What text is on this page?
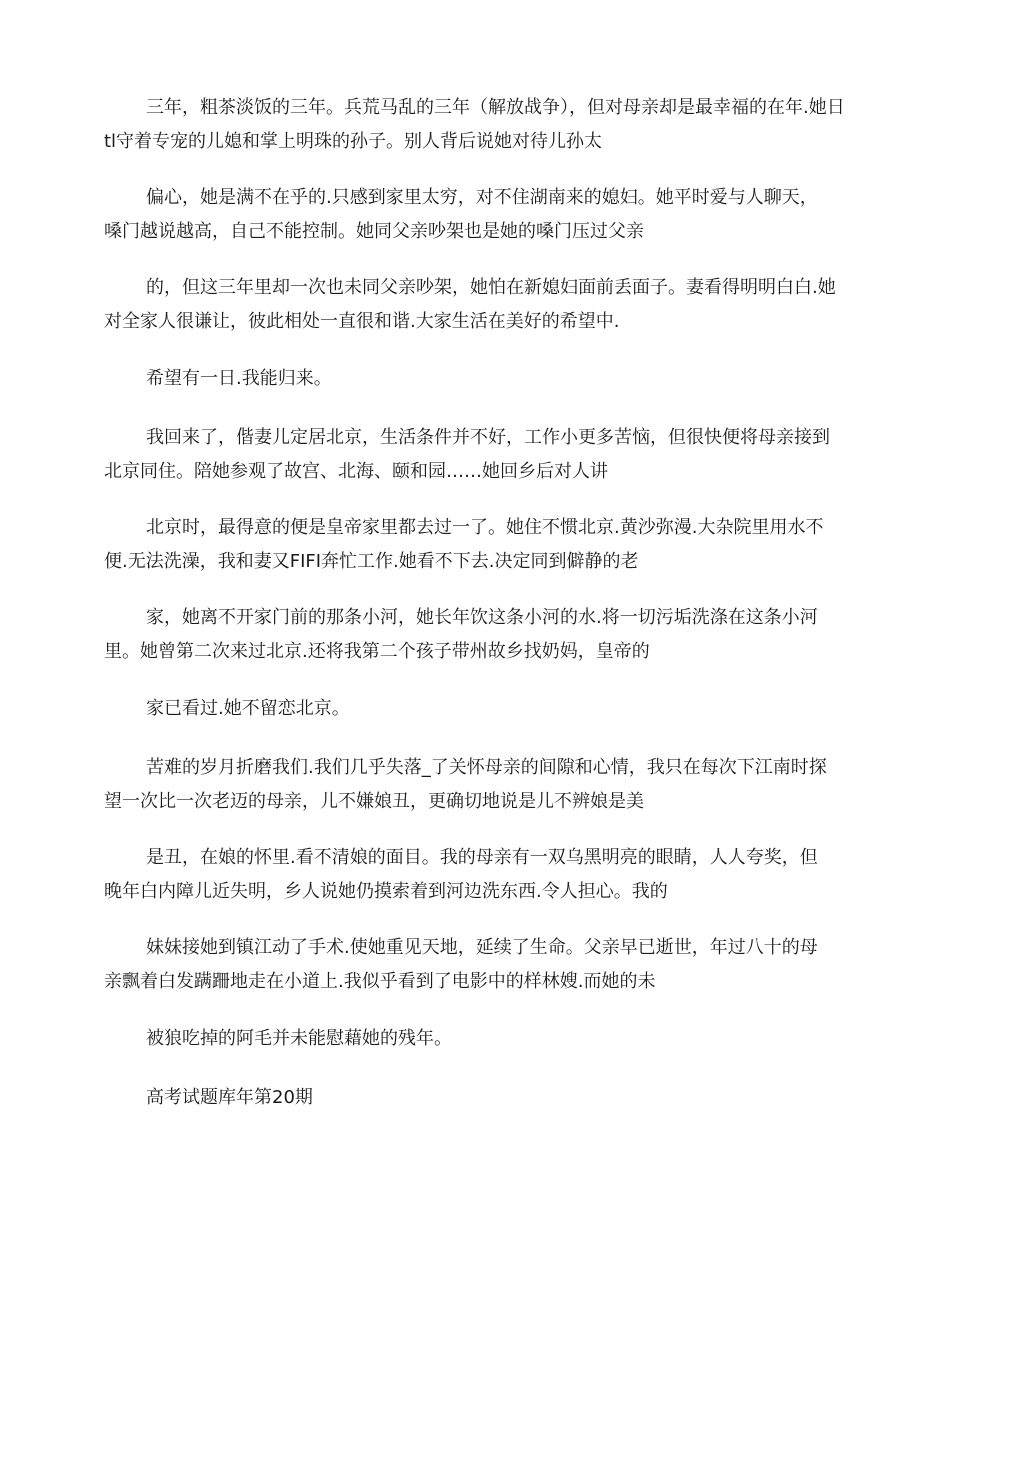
三年，粗茶淡饭的三年。兵荒马乱的三年（解放战争），但对母亲却是最幸福的在年.她日
tl守着专宠的儿媳和掌上明珠的孙子。别人背后说她对待儿孙太

偏心，她是满不在乎的.只感到家里太穷，对不住湖南来的媳妇。她平时爱与人聊天，
嗓门越说越高，自己不能控制。她同父亲吵架也是她的嗓门压过父亲

的，但这三年里却一次也未同父亲吵架，她怕在新媳妇面前丢面子。妻看得明明白白.她
对全家人很谦让，彼此相处一直很和谐.大家生活在美好的希望中.

希望有一日.我能归来。

我回来了，偕妻儿定居北京，生活条件并不好，工作小更多苦恼，但很快便将母亲接到
北京同住。陪她参观了故宫、北海、颐和园……她回乡后对人讲

北京时，最得意的便是皇帝家里都去过一了。她住不惯北京.黄沙弥漫.大杂院里用水不
便.无法洗澡，我和妻又FIFI奔忙工作.她看不下去.决定同到僻静的老

家，她离不开家门前的那条小河，她长年饮这条小河的水.将一切污垢洗涤在这条小河
里。她曾第二次来过北京.还将我第二个孩子带州故乡找奶妈，皇帝的

家已看过.她不留恋北京。

苦难的岁月折磨我们.我们几乎失落_了关怀母亲的间隙和心情，我只在每次下江南时探
望一次比一次老迈的母亲，儿不嫌娘丑，更确切地说是儿不辨娘是美

是丑，在娘的怀里.看不清娘的面目。我的母亲有一双乌黑明亮的眼睛，人人夸奖，但
晚年白内障儿近失明，乡人说她仍摸索着到河边洗东西.令人担心。我的

妹妹接她到镇江动了手术.使她重见天地，延续了生命。父亲早已逝世，年过八十的母
亲飘着白发蹒跚地走在小道上.我似乎看到了电影中的样林嫂.而她的未

被狼吃掉的阿毛并未能慰藉她的残年。

高考试题库年第20期
